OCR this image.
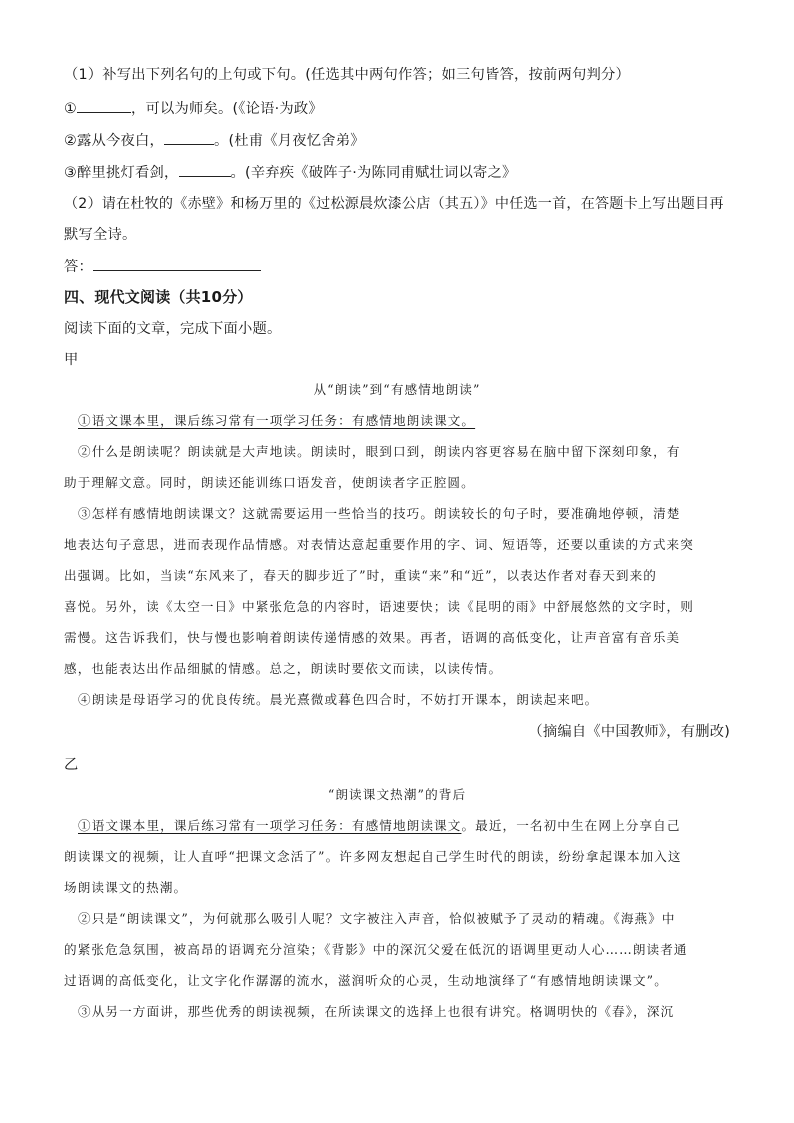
（1）补写出下列名句的上句或下句。(任选其中两句作答；如三句皆答，按前两句判分）
①	，可以为师矣。(《论语·为政》
②露从今夜白，	。(杜甫《月夜忆舍弟》
③醉里挑灯看剑，	。(辛弃疾《破阵子·为陈同甫赋壮词以寄之》
（2）请在杜牧的《赤壁》和杨万里的《过松源晨炊漆公店（其五）》中任选一首，在答题卡上写出题目再
默写全诗。
答：
四、现代文阅读（共10分）
阅读下面的文章，完成下面小题。
甲
从“朗读”到“有感情地朗读”
①语文课本里，课后练习常有一项学习任务：有感情地朗读课文。
②什么是朗读呢？朗读就是大声地读。朗读时，眼到口到，朗读内容更容易在脑中留下深刻印象，有
助于理解文意。同时，朗读还能训练口语发音，使朗读者字正腔圆。
③怎样有感情地朗读课文？这就需要运用一些恰当的技巧。朗读较长的句子时，要准确地停顿，清楚
地表达句子意思，进而表现作品情感。对表情达意起重要作用的字、词、短语等，还要以重读的方式来突
出强调。比如，当读“东风来了，春天的脚步近了”时，重读“来”和“近”，以表达作者对春天到来的
喜悦。另外，读《太空一日》中紧张危急的内容时，语速要快；读《昆明的雨》中舒展悠然的文字时，则
需慢。这告诉我们，快与慢也影响着朗读传递情感的效果。再者，语调的高低变化，让声音富有音乐美
感，也能表达出作品细腻的情感。总之，朗读时要依文而读，以读传情。
④朗读是母语学习的优良传统。晨光熹微或暮色四合时，不妨打开课本，朗读起来吧。
（摘编自《中国教师》，有删改)
乙
“朗读课文热潮”的背后
①语文课本里，课后练习常有一项学习任务：有感情地朗读课文。最近，一名初中生在网上分享自己
朗读课文的视频，让人直呼“把课文念活了”。许多网友想起自己学生时代的朗读，纷纷拿起课本加入这
场朗读课文的热潮。
②只是“朗读课文”，为何就那么吸引人呢？文字被注入声音，恰似被赋予了灵动的精魂。《海燕》中
的紧张危急氛围，被高昂的语调充分渲染；《背影》中的深沉父爱在低沉的语调里更动人心……朗读者通
过语调的高低变化，让文字化作潺潺的流水，滋润听众的心灵，生动地演绎了“有感情地朗读课文”。
③从另一方面讲，那些优秀的朗读视频，在所读课文的选择上也很有讲究。格调明快的《春》，深沉
